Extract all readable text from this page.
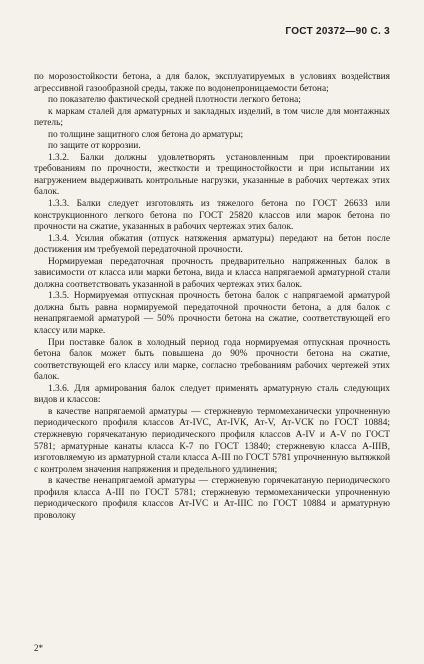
ГОСТ 20372—90 С. 3

по морозостойкости бетона, а для балок, эксплуатируемых в условиях воздействия агрессивной газообразной среды, также по водонепроницаемости бетона;

по показателю фактической средней плотности легкого бетона;

к маркам сталей для арматурных и закладных изделий, в том числе для монтажных петель;

по толщине защитного слоя бетона до арматуры;

по защите от коррозии.

1.3.2. Балки должны удовлетворять установленным при проектировании требованиям по прочности, жесткости и трещиностойкости и при испытании их нагружением выдерживать контрольные нагрузки, указанные в рабочих чертежах этих балок.

1.3.3. Балки следует изготовлять из тяжелого бетона по ГОСТ 26633 или конструкционного легкого бетона по ГОСТ 25820 классов или марок бетона по прочности на сжатие, указанных в рабочих чертежах этих балок.

1.3.4. Усилия обжатия (отпуск натяжения арматуры) передают на бетон после достижения им требуемой передаточной прочности.

Нормируемая передаточная прочность предварительно напряженных балок в зависимости от класса или марки бетона, вида и класса напрягаемой арматурной стали должна соответствовать указанной в рабочих чертежах этих балок.

1.3.5. Нормируемая отпускная прочность бетона балок с напрягаемой арматурой должна быть равна нормируемой передаточной прочности бетона, а для балок с ненапрягаемой арматурой — 50% прочности бетона на сжатие, соответствующей его классу или марке.

При поставке балок в холодный период года нормируемая отпускная прочность бетона балок может быть повышена до 90% прочности бетона на сжатие, соответствующей его классу или марке, согласно требованиям рабочих чертежей этих балок.

1.3.6. Для армирования балок следует применять арматурную сталь следующих видов и классов:

в качестве напрягаемой арматуры — стержневую термомеханически упрочненную периодического профиля классов Ат-IVС, Ат-IVК, Ат-V, Ат-VСК по ГОСТ 10884; стержневую горячекатаную периодического профиля классов А-IV и А-V по ГОСТ 5781; арматурные канаты класса К-7 по ГОСТ 13840; стержневую класса А-IIIВ, изготовляемую из арматурной стали класса А-III по ГОСТ 5781 упрочненную вытяжкой с контролем значения напряжения и предельного удлинения;

в качестве ненапрягаемой арматуры — стержневую горячекатаную периодического профиля класса А-III по ГОСТ 5781; стержневую термомеханически упрочненную периодического профиля классов Ат-IVС и Ат-IIIС по ГОСТ 10884 и арматурную проволоку

2*
